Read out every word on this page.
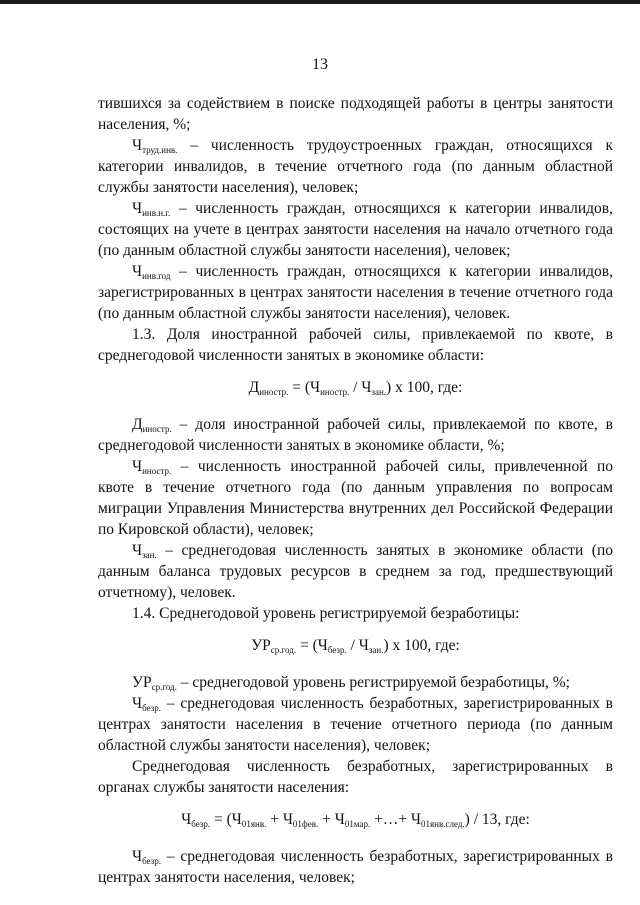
13

тившихся за содействием в поиске подходящей работы в центры занятости населения, %;

Чтруд.инв. – численность трудоустроенных граждан, относящихся к категории инвалидов, в течение отчетного года (по данным областной службы занятости населения), человек;

Чинв.н.г. – численность граждан, относящихся к категории инвалидов, состоящих на учете в центрах занятости населения на начало отчетного года (по данным областной службы занятости населения), человек;

Чинв.год – численность граждан, относящихся к категории инвалидов, зарегистрированных в центрах занятости населения в течение отчетного года (по данным областной службы занятости населения), человек.

1.3. Доля иностранной рабочей силы, привлекаемой по квоте, в среднегодовой численности занятых в экономике области:

Диностр. = (Чиностр. / Чзан.) x 100, где:

Диностр. – доля иностранной рабочей силы, привлекаемой по квоте, в среднегодовой численности занятых в экономике области, %;

Чиностр. – численность иностранной рабочей силы, привлеченной по квоте в течение отчетного года (по данным управления по вопросам миграции Управления Министерства внутренних дел Российской Федерации по Кировской области), человек;

Чзан. – среднегодовая численность занятых в экономике области (по данным баланса трудовых ресурсов в среднем за год, предшествующий отчетному), человек.

1.4. Среднегодовой уровень регистрируемой безработицы:

УРср.год. = (Чбезр. / Чзан.) x 100, где:

УРср.год. – среднегодовой уровень регистрируемой безработицы, %;

Чбезр. – среднегодовая численность безработных, зарегистрированных в центрах занятости населения в течение отчетного периода (по данным областной службы занятости населения), человек;

Среднегодовая численность безработных, зарегистрированных в органах службы занятости населения:

Чбезр. = (Ч01янв. + Ч01фев. + Ч01мар. +…+ Ч01янв.след.) / 13, где:

Чбезр. – среднегодовая численность безработных, зарегистрированных в центрах занятости населения, человек;
